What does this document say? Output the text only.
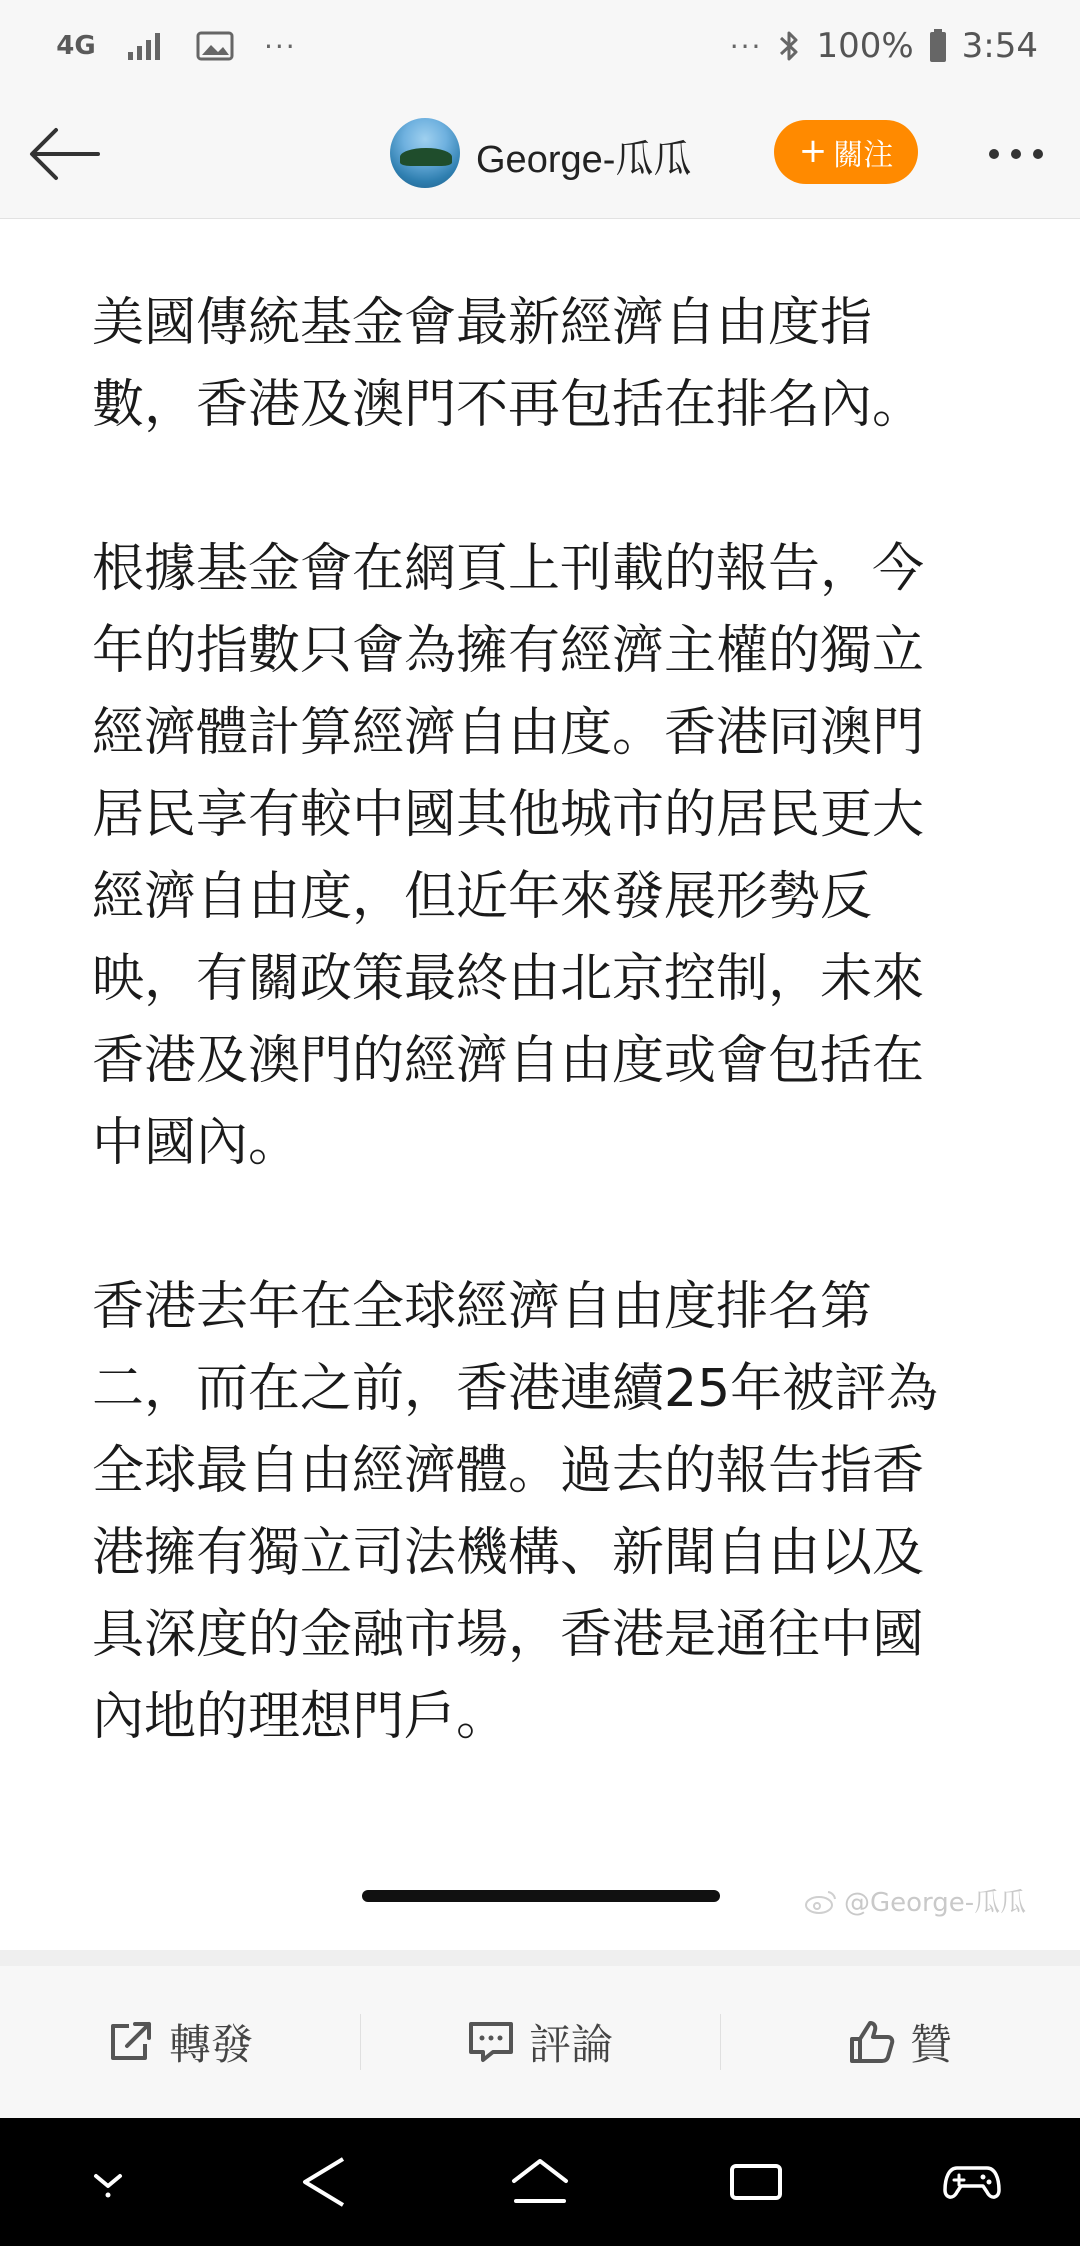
4G	···	··· 100% 3:54
George-瓜瓜	+ 關注

美國傳統基金會最新經濟自由度指數，香港及澳門不再包括在排名內。

根據基金會在網頁上刊載的報告，今年的指數只會為擁有經濟主權的獨立經濟體計算經濟自由度。香港同澳門居民享有較中國其他城市的居民更大經濟自由度，但近年來發展形勢反映，有關政策最終由北京控制，未來香港及澳門的經濟自由度或會包括在中國內。

香港去年在全球經濟自由度排名第二，而在之前，香港連續25年被評為全球最自由經濟體。過去的報告指香港擁有獨立司法機構、新聞自由以及具深度的金融市場，香港是通往中國內地的理想門戶。

@George-瓜瓜
轉發	評論	贊
